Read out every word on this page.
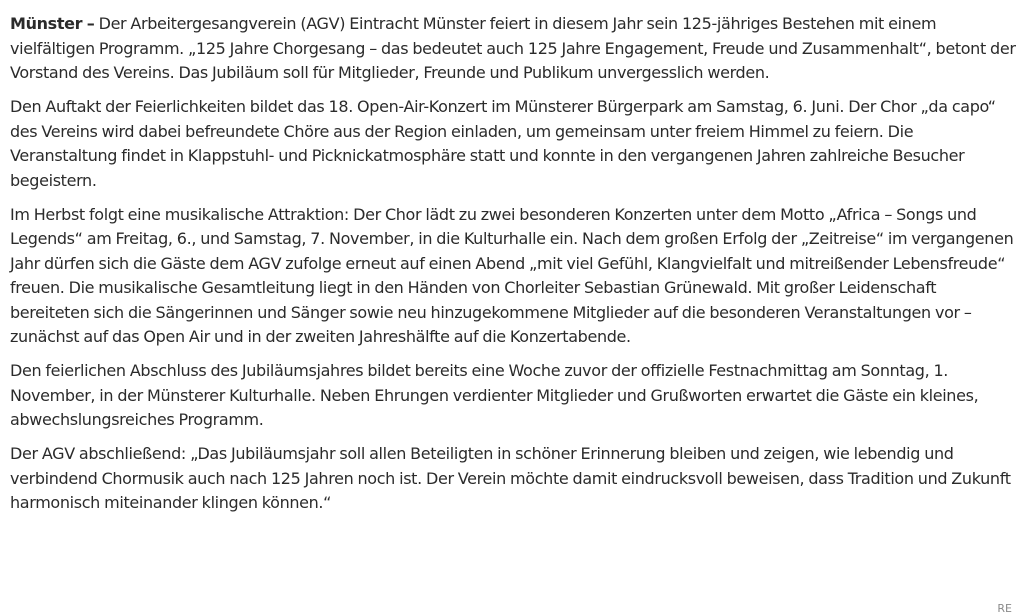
Münster – Der Arbeitergesangverein (AGV) Eintracht Münster feiert in diesem Jahr sein 125-jähriges Bestehen mit einem vielfältigen Programm. „125 Jahre Chorgesang – das bedeutet auch 125 Jahre Engagement, Freude und Zusammenhalt“, betont der Vorstand des Vereins. Das Jubiläum soll für Mitglieder, Freunde und Publikum unvergesslich werden.

Den Auftakt der Feierlichkeiten bildet das 18. Open-Air-Konzert im Münsterer Bürgerpark am Samstag, 6. Juni. Der Chor „da capo“ des Vereins wird dabei befreundete Chöre aus der Region einladen, um gemeinsam unter freiem Himmel zu feiern. Die Veranstaltung findet in Klappstuhl- und Picknickatmosphäre statt und konnte in den vergangenen Jahren zahlreiche Besucher begeistern.

Im Herbst folgt eine musikalische Attraktion: Der Chor lädt zu zwei besonderen Konzerten unter dem Motto „Africa – Songs und Legends“ am Freitag, 6., und Samstag, 7. November, in die Kulturhalle ein. Nach dem großen Erfolg der „Zeitreise“ im vergangenen Jahr dürfen sich die Gäste dem AGV zufolge erneut auf einen Abend „mit viel Gefühl, Klangvielfalt und mitreißender Lebensfreude“ freuen. Die musikalische Gesamtleitung liegt in den Händen von Chorleiter Sebastian Grünewald. Mit großer Leidenschaft bereiteten sich die Sängerinnen und Sänger sowie neu hinzugekommene Mitglieder auf die besonderen Veranstaltungen vor – zunächst auf das Open Air und in der zweiten Jahreshälfte auf die Konzertabende.

Den feierlichen Abschluss des Jubiläumsjahres bildet bereits eine Woche zuvor der offizielle Festnachmittag am Sonntag, 1. November, in der Münsterer Kulturhalle. Neben Ehrungen verdienter Mitglieder und Grußworten erwartet die Gäste ein kleines, abwechslungsreiches Programm.

Der AGV abschließend: „Das Jubiläumsjahr soll allen Beteiligten in schöner Erinnerung bleiben und zeigen, wie lebendig und verbindend Chormusik auch nach 125 Jahren noch ist. Der Verein möchte damit eindrucksvoll beweisen, dass Tradition und Zukunft harmonisch miteinander klingen können.“

RE
